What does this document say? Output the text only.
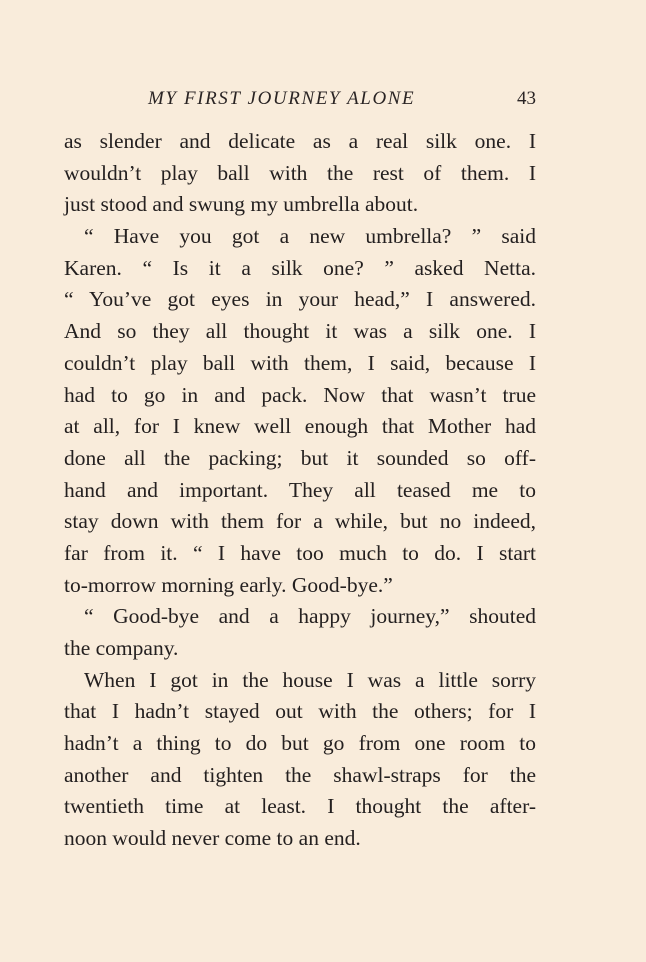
MY FIRST JOURNEY ALONE	43
as slender and delicate as a real silk one. I
wouldn’t play ball with the rest of them. I
just stood and swung my umbrella about.
“ Have you got a new umbrella? ” said
Karen. “ Is it a silk one? ” asked Netta.
“ You’ve got eyes in your head,” I answered.
And so they all thought it was a silk one. I
couldn’t play ball with them, I said, because I
had to go in and pack. Now that wasn’t true
at all, for I knew well enough that Mother had
done all the packing; but it sounded so off-
hand and important. They all teased me to
stay down with them for a while, but no indeed,
far from it. “ I have too much to do. I start
to-morrow morning early. Good-bye.”
“ Good-bye and a happy journey,” shouted
the company.
When I got in the house I was a little sorry
that I hadn’t stayed out with the others; for I
hadn’t a thing to do but go from one room to
another and tighten the shawl-straps for the
twentieth time at least. I thought the after-
noon would never come to an end.
